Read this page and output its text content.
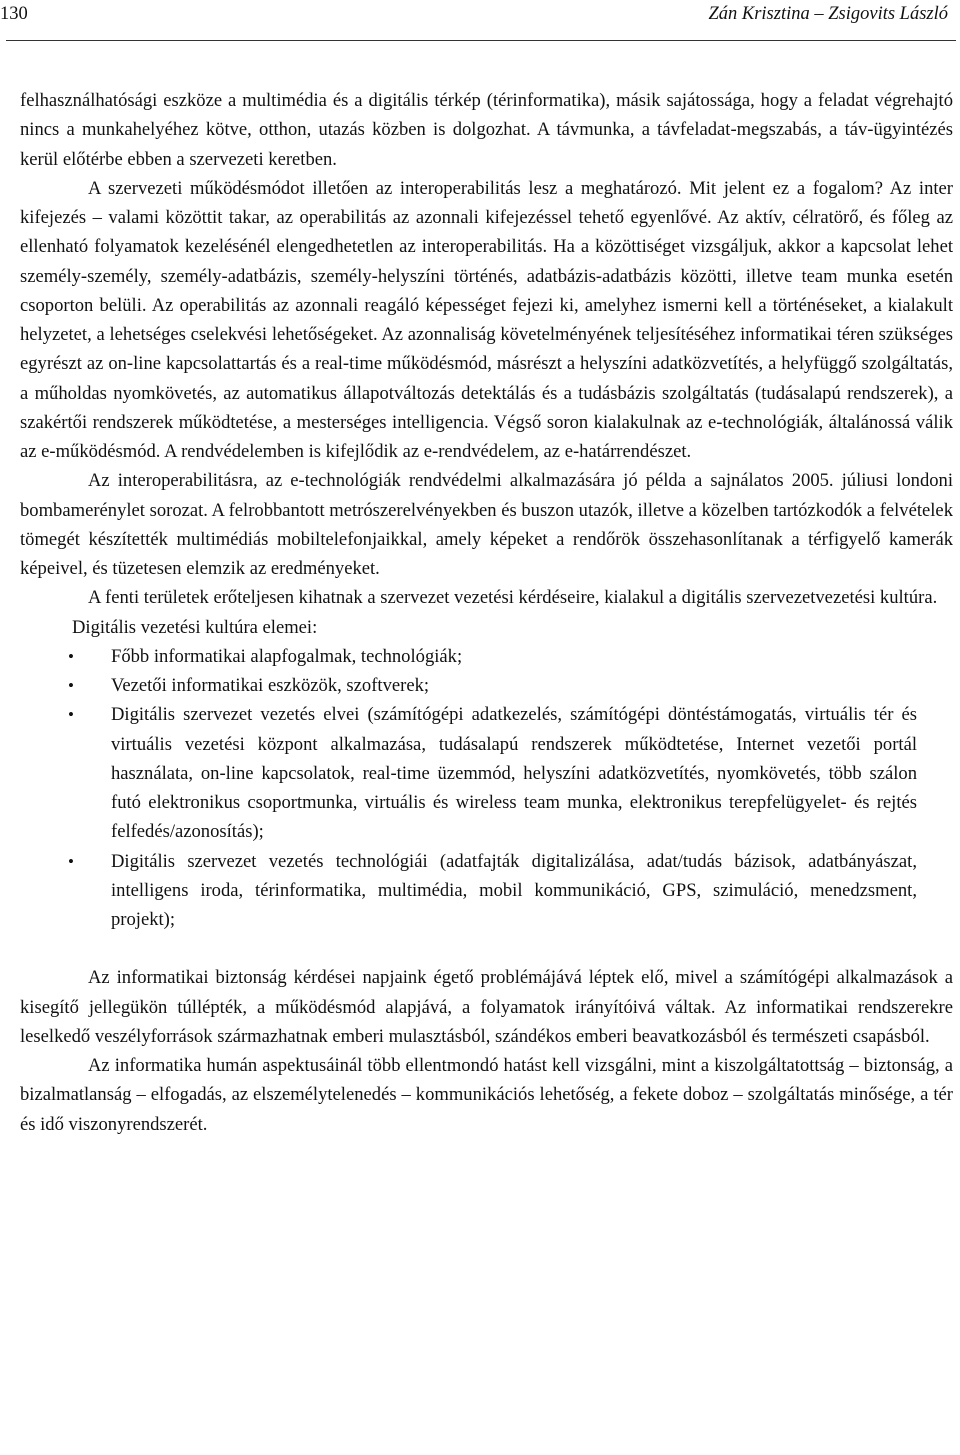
130	Zán Krisztina – Zsigovits László

felhasználhatósági eszköze a multimédia és a digitális térkép (térinformatika), másik sajátossága, hogy a feladat végrehajtó nincs a munkahelyéhez kötve, otthon, utazás közben is dolgozhat. A távmunka, a távfeladat-megszabás, a táv-ügyintézés kerül előtérbe ebben a szervezeti keretben.

A szervezeti működésmódot illetően az interoperabilitás lesz a meghatározó. Mit jelent ez a fogalom? Az inter kifejezés – valami közöttit takar, az operabilitás az azonnali kifejezéssel tehető egyenlővé. Az aktív, célratörő, és főleg az ellenható folyamatok kezelésénél elengedhetetlen az interoperabilitás. Ha a közöttiséget vizsgáljuk, akkor a kapcsolat lehet személy-személy, személy-adatbázis, személy-helyszíni történés, adatbázis-adatbázis közötti, illetve team munka esetén csoporton belüli. Az operabilitás az azonnali reagáló képességet fejezi ki, amelyhez ismerni kell a történéseket, a kialakult helyzetet, a lehetséges cselekvési lehetőségeket. Az azonnaliság követelményének teljesítéséhez informatikai téren szükséges egyrészt az on-line kapcsolattartás és a real-time működésmód, másrészt a helyszíni adatközvetítés, a helyfüggő szolgáltatás, a műholdas nyomkövetés, az automatikus állapotváltozás detektálás és a tudásbázis szolgáltatás (tudásalapú rendszerek), a szakértői rendszerek működtetése, a mesterséges intelligencia. Végső soron kialakulnak az e-technológiák, általánossá válik az e-működésmód. A rendvédelemben is kifejlődik az e-rendvédelem, az e-határrendészet.

Az interoperabilitásra, az e-technológiák rendvédelmi alkalmazására jó példa a sajnálatos 2005. júliusi londoni bombamerénylet sorozat. A felrobbantott metrószerelvényekben és buszon utazók, illetve a közelben tartózkodók a felvételek tömegét készítették multimédiás mobiltelefonjaikkal, amely képeket a rendőrök összehasonlítanak a térfigyelő kamerák képeivel, és tüzetesen elemzik az eredményeket.

A fenti területek erőteljesen kihatnak a szervezet vezetési kérdéseire, kialakul a digitális szervezetvezetési kultúra.

Digitális vezetési kultúra elemei:

• Főbb informatikai alapfogalmak, technológiák;
• Vezetői informatikai eszközök, szoftverek;
• Digitális szervezet vezetés elvei (számítógépi adatkezelés, számítógépi döntéstámogatás, virtuális tér és virtuális vezetési központ alkalmazása, tudásalapú rendszerek működtetése, Internet vezetői portál használata, on-line kapcsolatok, real-time üzemmód, helyszíni adatközvetítés, nyomkövetés, több szálon futó elektronikus csoportmunka, virtuális és wireless team munka, elektronikus terepfelügyelet- és rejtés felfedés/azonosítás);
• Digitális szervezet vezetés technológiái (adatfajták digitalizálása, adat/tudás bázisok, adatbányászat, intelligens iroda, térinformatika, multimédia, mobil kommunikáció, GPS, szimuláció, menedzsment, projekt);

Az informatikai biztonság kérdései napjaink égető problémájává léptek elő, mivel a számítógépi alkalmazások a kisegítő jellegükön túllépték, a működésmód alapjává, a folyamatok irányítóivá váltak. Az informatikai rendszerekre leselkedő veszélyforrások származhatnak emberi mulasztásból, szándékos emberi beavatkozásból és természeti csapásból.

Az informatika humán aspektusáinál több ellentmondó hatást kell vizsgálni, mint a kiszolgáltatottság – biztonság, a bizalmatlanság – elfogadás, az elszemélytelenedés – kommunikációs lehetőség, a fekete doboz – szolgáltatás minősége, a tér és idő viszonyrendszerét.
